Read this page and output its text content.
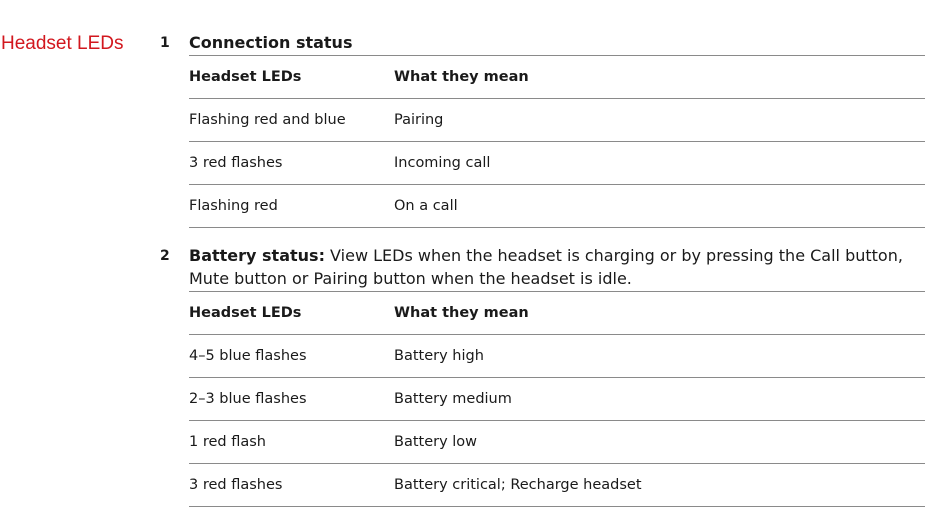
Headset LEDs	1 Connection status
Headset LEDs	What they mean
Flashing red and blue	Pairing
3 red flashes	Incoming call
Flashing red	On a call
2 Battery status: View LEDs when the headset is charging or by pressing the Call button,
Mute button or Pairing button when the headset is idle.
Headset LEDs	What they mean
4–5 blue flashes	Battery high
2–3 blue flashes	Battery medium
1 red flash	Battery low
3 red flashes	Battery critical; Recharge headset
